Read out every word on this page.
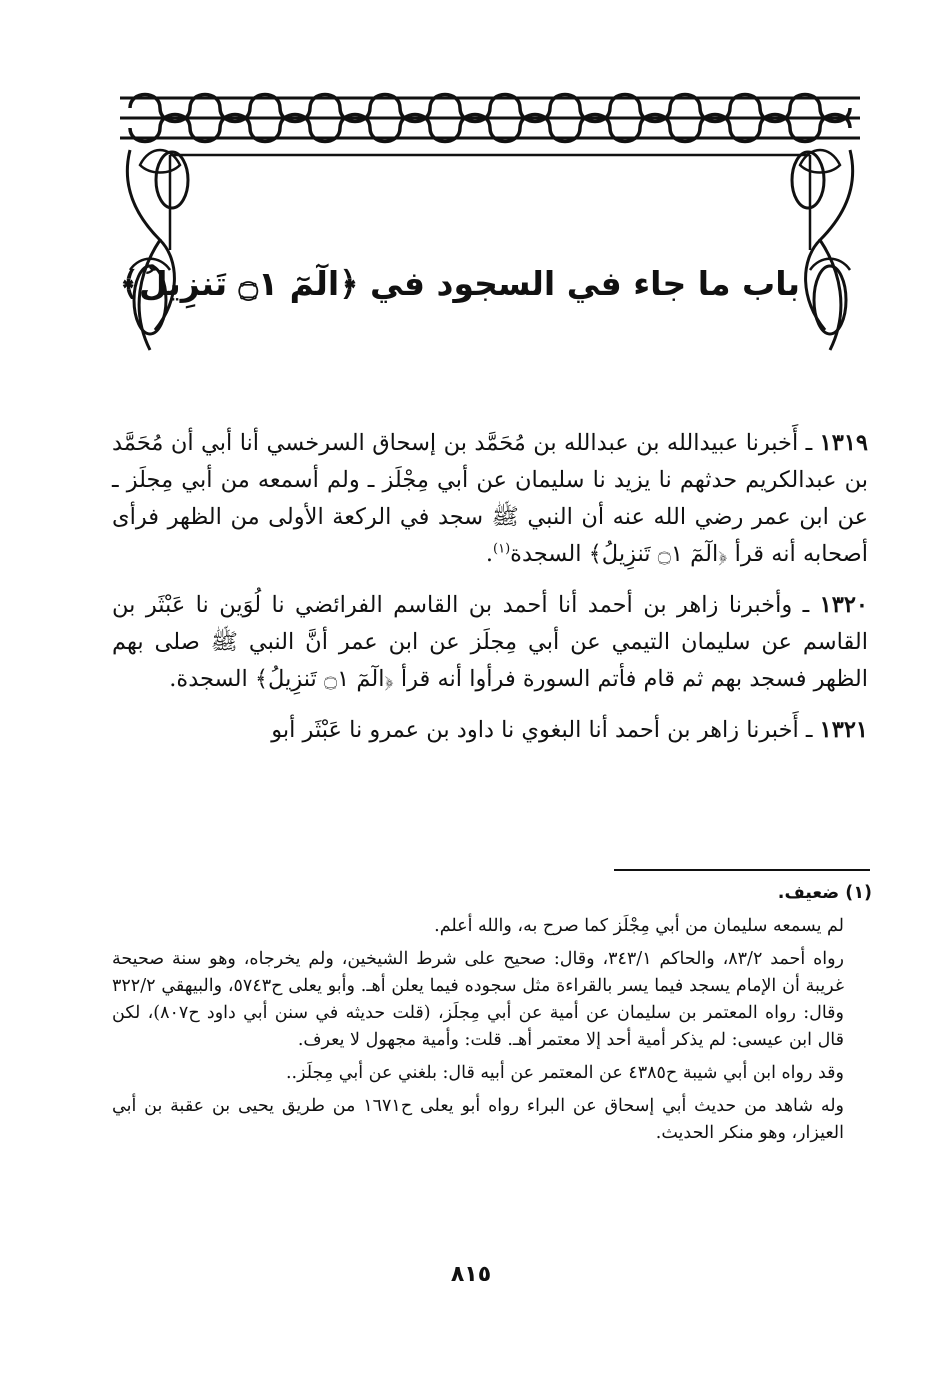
باب ما جاء في السجود في ﴿الٓمٓ ۝١ تَنزِيلُ﴾

١٣١٩ ـ أَخبرنا عبيدالله بن عبدالله بن مُحَمَّد بن إسحاق السرخسي أنا أبي أن مُحَمَّد بن عبدالكريم حدثهم نا يزيد نا سليمان عن أبي مِجْلَز ـ ولم أسمعه من أبي مِجلَز ـ عن ابن عمر رضي الله عنه أن النبي ﷺ سجد في الركعة الأولى من الظهر فرأى أصحابه أنه قرأ ﴿الٓمٓ ۝١ تَنزِيلُ﴾ السجدة$^{(١)}$.

١٣٢٠ ـ وأخبرنا زاهر بن أحمد أنا أحمد بن القاسم الفرائضي نا لُوَين نا عَبْثَر بن القاسم عن سليمان التيمي عن أبي مِجلَز عن ابن عمر أنَّ النبي ﷺ صلى بهم الظهر فسجد بهم ثم قام فأتم السورة فرأوا أنه قرأ ﴿الٓمٓ ۝١ تَنزِيلُ﴾ السجدة.

١٣٢١ ـ أَخبرنا زاهر بن أحمد أنا البغوي نا داود بن عمرو نا عَبْثَر أبو

(١) ضعيف.
لم يسمعه سليمان من أبي مِجْلَز كما صرح به، والله أعلم.
رواه أحمد ٨٣/٢، والحاكم ٣٤٣/١، وقال: صحيح على شرط الشيخين، ولم يخرجاه، وهو سنة صحيحة غريبة أن الإمام يسجد فيما يسر بالقراءة مثل سجوده فيما يعلن أهـ. وأبو يعلى ح٥٧٤٣، والبيهقي ٣٢٢/٢ وقال: رواه المعتمر بن سليمان عن أمية عن أبي مِجلَز، (قلت حديثه في سنن أبي داود ح٨٠٧)، لكن قال ابن عيسى: لم يذكر أمية أحد إلا معتمر أهـ. قلت: وأمية مجهول لا يعرف.
وقد رواه ابن أبي شيبة ح٤٣٨٥ عن المعتمر عن أبيه قال: بلغني عن أبي مِجلَز..
وله شاهد من حديث أبي إسحاق عن البراء رواه أبو يعلى ح١٦٧١ من طريق يحيى بن عقبة بن أبي العيزار، وهو منكر الحديث.
٨١٥
